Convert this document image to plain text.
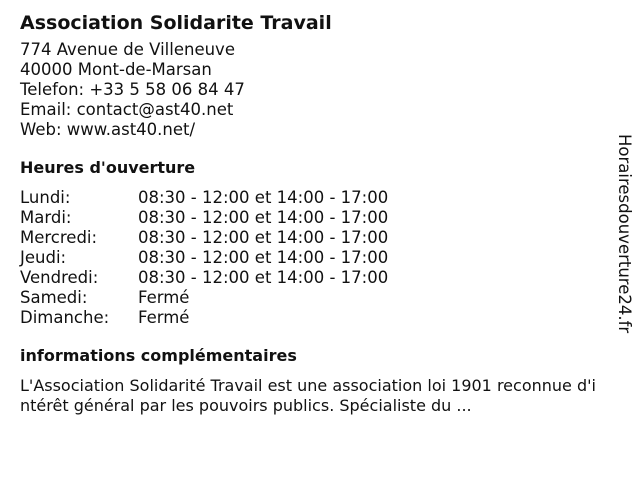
Association Solidarite Travail
774 Avenue de Villeneuve
40000 Mont-de-Marsan
Telefon: +33 5 58 06 84 47
Email: contact@ast40.net
Web: www.ast40.net/
Heures d'ouverture
Lundi:	08:30 - 12:00 et 14:00 - 17:00
Mardi:	08:30 - 12:00 et 14:00 - 17:00
Mercredi:	08:30 - 12:00 et 14:00 - 17:00
Jeudi:	08:30 - 12:00 et 14:00 - 17:00
Vendredi:	08:30 - 12:00 et 14:00 - 17:00
Samedi:	Fermé
Dimanche:	Fermé
informations complémentaires
L'Association Solidarité Travail est une association loi 1901 reconnue d'intérêt général par les pouvoirs publics. Spécialiste du ...
Horairesdouverture24.fr
